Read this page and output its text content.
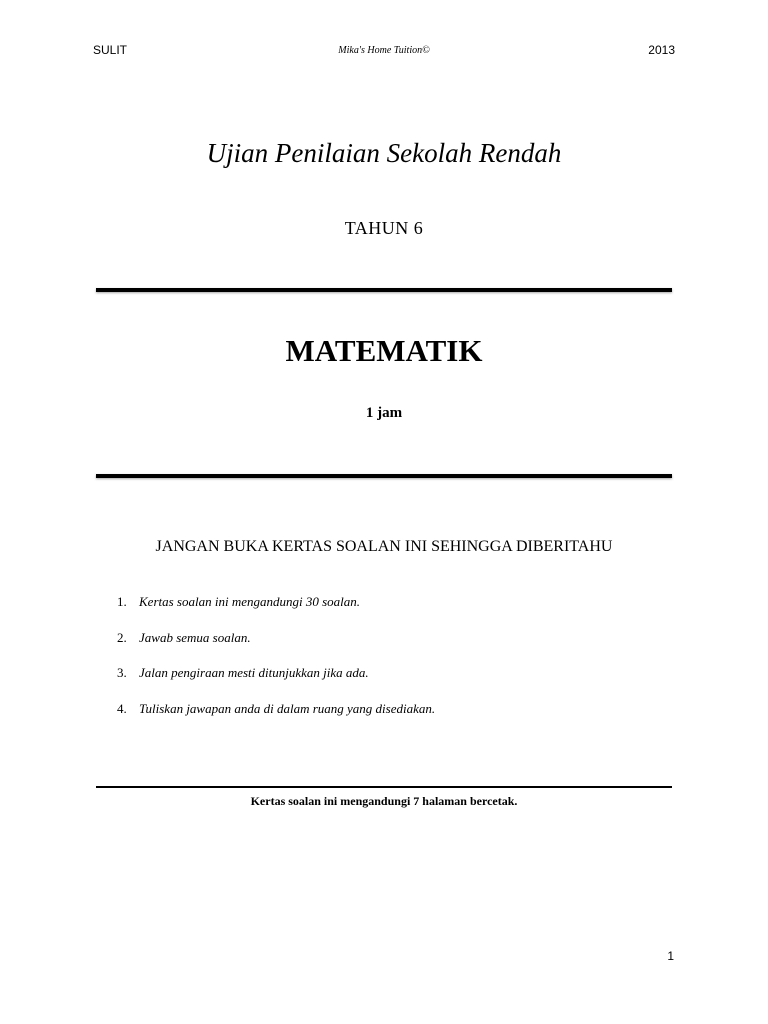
SULIT	Mika's Home Tuition©	2013
Ujian Penilaian Sekolah Rendah
TAHUN 6
MATEMATIK
1 jam
JANGAN BUKA KERTAS SOALAN INI SEHINGGA DIBERITAHU
1. Kertas soalan ini mengandungi 30 soalan.
2. Jawab semua soalan.
3. Jalan pengiraan mesti ditunjukkan jika ada.
4. Tuliskan jawapan anda di dalam ruang yang disediakan.
Kertas soalan ini mengandungi 7 halaman bercetak.
1
